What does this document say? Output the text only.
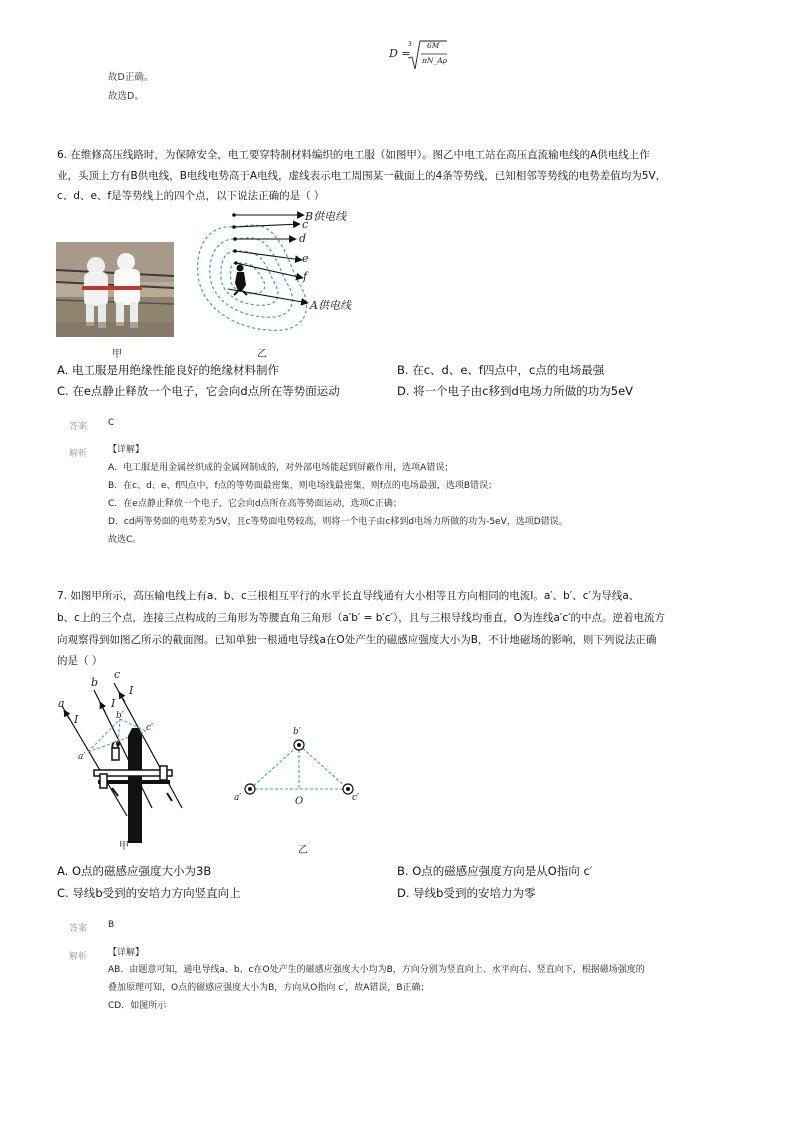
D =
3 6M
πN_Aρ
故D正确。
故选D。
6. 在维修高压线路时，为保障安全，电工要穿特制材料编织的电工服（如图甲）。图乙中电工站在高压直流输电线的A供电线上作
业，头顶上方有B供电线，B电线电势高于A电线，虚线表示电工周围某一截面上的4条等势线，已知相邻等势线的电势差值均为5V，
c、d、e、f是等势线上的四个点，以下说法正确的是（ ）
甲
B供电线
c
d
e
f
A供电线
乙
A. 电工服是用绝缘性能良好的绝缘材料制作	B. 在c、d、e、f四点中，c点的电场最强
C. 在e点静止释放一个电子，它会向d点所在等势面运动	D. 将一个电子由c移到d电场力所做的功为5eV
答案 C
解析 【详解】
A．电工服是用金属丝织成的金属网制成的，对外部电场能起到屏蔽作用，选项A错误；
B．在c、d、e、f四点中，f点的等势面最密集，则电场线最密集，则f点的电场最强，选项B错误；
C．在e点静止释放一个电子，它会向d点所在高等势面运动，选项C正确；
D．cd两等势面的电势差为5V，且c等势面电势较高，则将一个电子由c移到d电场力所做的功为-5eV，选项D错误。
故选C。
7. 如图甲所示，高压输电线上有a、b、c三根相互平行的水平长直导线通有大小相等且方向相同的电流I。a′、b′、c′为导线a、
b、c上的三个点，连接三点构成的三角形为等腰直角三角形（a′b′ = b′c′），且与三根导线均垂直，O为连线a′c′的中点。逆着电流方
向观察得到如图乙所示的截面图。已知单独一根通电导线a在O处产生的磁感应强度大小为B，不计地磁场的影响，则下列说法正确
的是（ ）
a
b
c
I
I
I
b′
c′
a′
O
甲
b′
a′	c′
O
乙
A. O点的磁感应强度大小为3B	B. O点的磁感应强度方向是从O指向 c′
C. 导线b受到的安培力方向竖直向上	D. 导线b受到的安培力为零
答案 B
解析 【详解】
AB．由题意可知，通电导线a、b、c在O处产生的磁感应强度大小均为B，方向分别为竖直向上、水平向右、竖直向下，根据磁场强度的
叠加原理可知，O点的磁感应强度大小为B，方向从O指向 c′，故A错误，B正确；
CD．如图所示
